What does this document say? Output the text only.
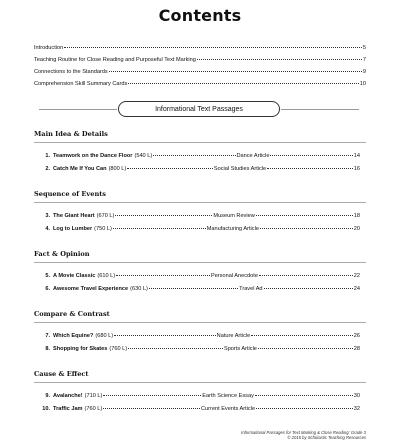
Contents
Introduction	5
Teaching Routine for Close Reading and Purposeful Text Marking	7
Connections to the Standards	9
Comprehension Skill Summary Cards	10
Informational Text Passages
Main Idea & Details
1. Teamwork on the Dance Floor (540 L)	Dance Article	14
2. Catch Me If You Can (800 L)	Social Studies Article	16
Sequence of Events
3. The Giant Heart (670 L)	Museum Review	18
4. Log to Lumber (750 L)	Manufacturing Article	20
Fact & Opinion
5. A Movie Classic (610 L)	Personal Anecdote	22
6. Awesome Travel Experience (630 L)	Travel Ad	24
Compare & Contrast
7. Which Equine? (680 L)	Nature Article	26
8. Shopping for Skates (760 L)	Sports Article	28
Cause & Effect
9. Avalanche! (710 L)	Earth Science Essay	30
10. Traffic Jam (760 L)	Current Events Article	32
Informational Passages for Text Marking & Close Reading: Grade 3
© 2015 by Scholastic Teaching Resources
